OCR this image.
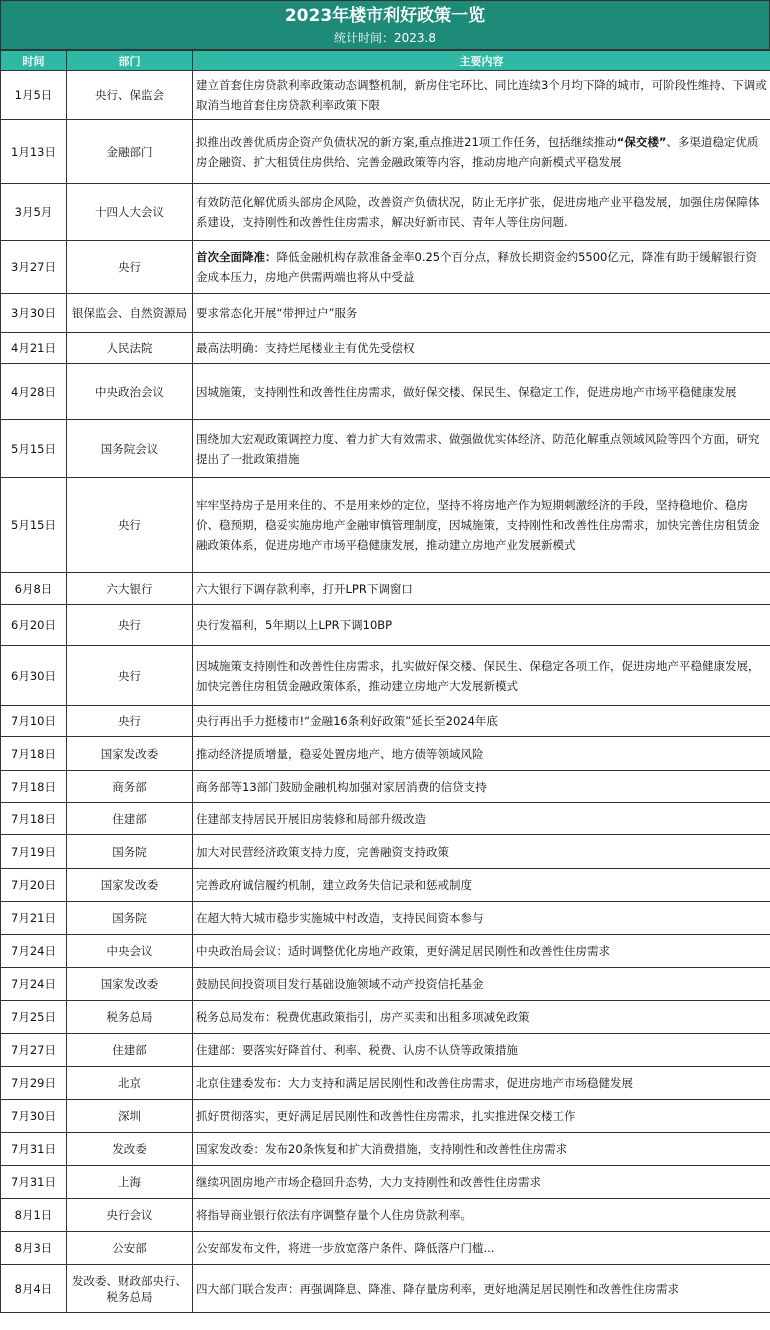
2023年楼市利好政策一览
统计时间：2023.8
时间	部门	主要内容
1月5日	央行、保监会	建立首套住房贷款利率政策动态调整机制，新房住宅环比、同比连续3个月均下降的城市，可阶段性维持、下调或取消当地首套住房贷款利率政策下限
1月13日	金融部门	拟推出改善优质房企资产负债状况的新方案,重点推进21项工作任务，包括继续推动“保交楼”、多渠道稳定优质房企融资、扩大租赁住房供给、完善金融政策等内容，推动房地产向新模式平稳发展
3月5月	十四人大会议	有效防范化解优质头部房企风险，改善资产负债状况，防止无序扩张，促进房地产业平稳发展，加强住房保障体系建设，支持刚性和改善性住房需求，解决好新市民、青年人等住房问题.
3月27日	央行	首次全面降准：降低金融机构存款准备金率0.25个百分点，释放长期资金约5500亿元，降准有助于缓解银行资金成本压力，房地产供需两端也将从中受益
3月30日	银保监会、自然资源局	要求常态化开展“带押过户”服务
4月21日	人民法院	最高法明确：支持烂尾楼业主有优先受偿权
4月28日	中央政治会议	因城施策，支持刚性和改善性住房需求，做好保交楼、保民生、保稳定工作，促进房地产市场平稳健康发展
5月15日	国务院会议	围绕加大宏观政策调控力度、着力扩大有效需求、做强做优实体经济、防范化解重点领域风险等四个方面，研究提出了一批政策措施
5月15日	央行	牢牢坚持房子是用来住的、不是用来炒的定位，坚持不将房地产作为短期刺激经济的手段，坚持稳地价、稳房价、稳预期，稳妥实施房地产金融审慎管理制度，因城施策，支持刚性和改善性住房需求，加快完善住房租赁金融政策体系，促进房地产市场平稳健康发展，推动建立房地产业发展新模式
6月8日	六大银行	六大银行下调存款利率，打开LPR下调窗口
6月20日	央行	央行发福利，5年期以上LPR下调10BP
6月30日	央行	因城施策支持刚性和改善性住房需求，扎实做好保交楼、保民生、保稳定各项工作，促进房地产平稳健康发展，加快完善住房租赁金融政策体系，推动建立房地产大发展新模式
7月10日	央行	央行再出手力挺楼市!“金融16条利好政策”延长至2024年底
7月18日	国家发改委	推动经济提质增量，稳妥处置房地产、地方债等领域风险
7月18日	商务部	商务部等13部门鼓励金融机构加强对家居消费的信贷支持
7月18日	住建部	住建部支持居民开展旧房装修和局部升级改造
7月19日	国务院	加大对民营经济政策支持力度，完善融资支持政策
7月20日	国家发改委	完善政府诚信履约机制，建立政务失信记录和惩戒制度
7月21日	国务院	在超大特大城市稳步实施城中村改造，支持民间资本参与
7月24日	中央会议	中央政治局会议：适时调整优化房地产政策，更好满足居民刚性和改善性住房需求
7月24日	国家发改委	鼓励民间投资项目发行基础设施领域不动产投资信托基金
7月25日	税务总局	税务总局发布：税费优惠政策指引，房产买卖和出租多项减免政策
7月27日	住建部	住建部：要落实好降首付、利率、税费、认房不认贷等政策措施
7月29日	北京	北京住建委发布：大力支持和满足居民刚性和改善住房需求，促进房地产市场稳健发展
7月30日	深圳	抓好贯彻落实，更好满足居民刚性和改善性住房需求，扎实推进保交楼工作
7月31日	发改委	国家发改委：发布20条恢复和扩大消费措施，支持刚性和改善性住房需求
7月31日	上海	继续巩固房地产市场企稳回升态势，大力支持刚性和改善性住房需求
8月1日	央行会议	将指导商业银行依法有序调整存量个人住房贷款利率。
8月3日	公安部	公安部发布文件，将进一步放宽落户条件、降低落户门槛...
8月4日	发改委、财政部央行、税务总局	四大部门联合发声：再强调降息、降准、降存量房利率，更好地满足居民刚性和改善性住房需求
